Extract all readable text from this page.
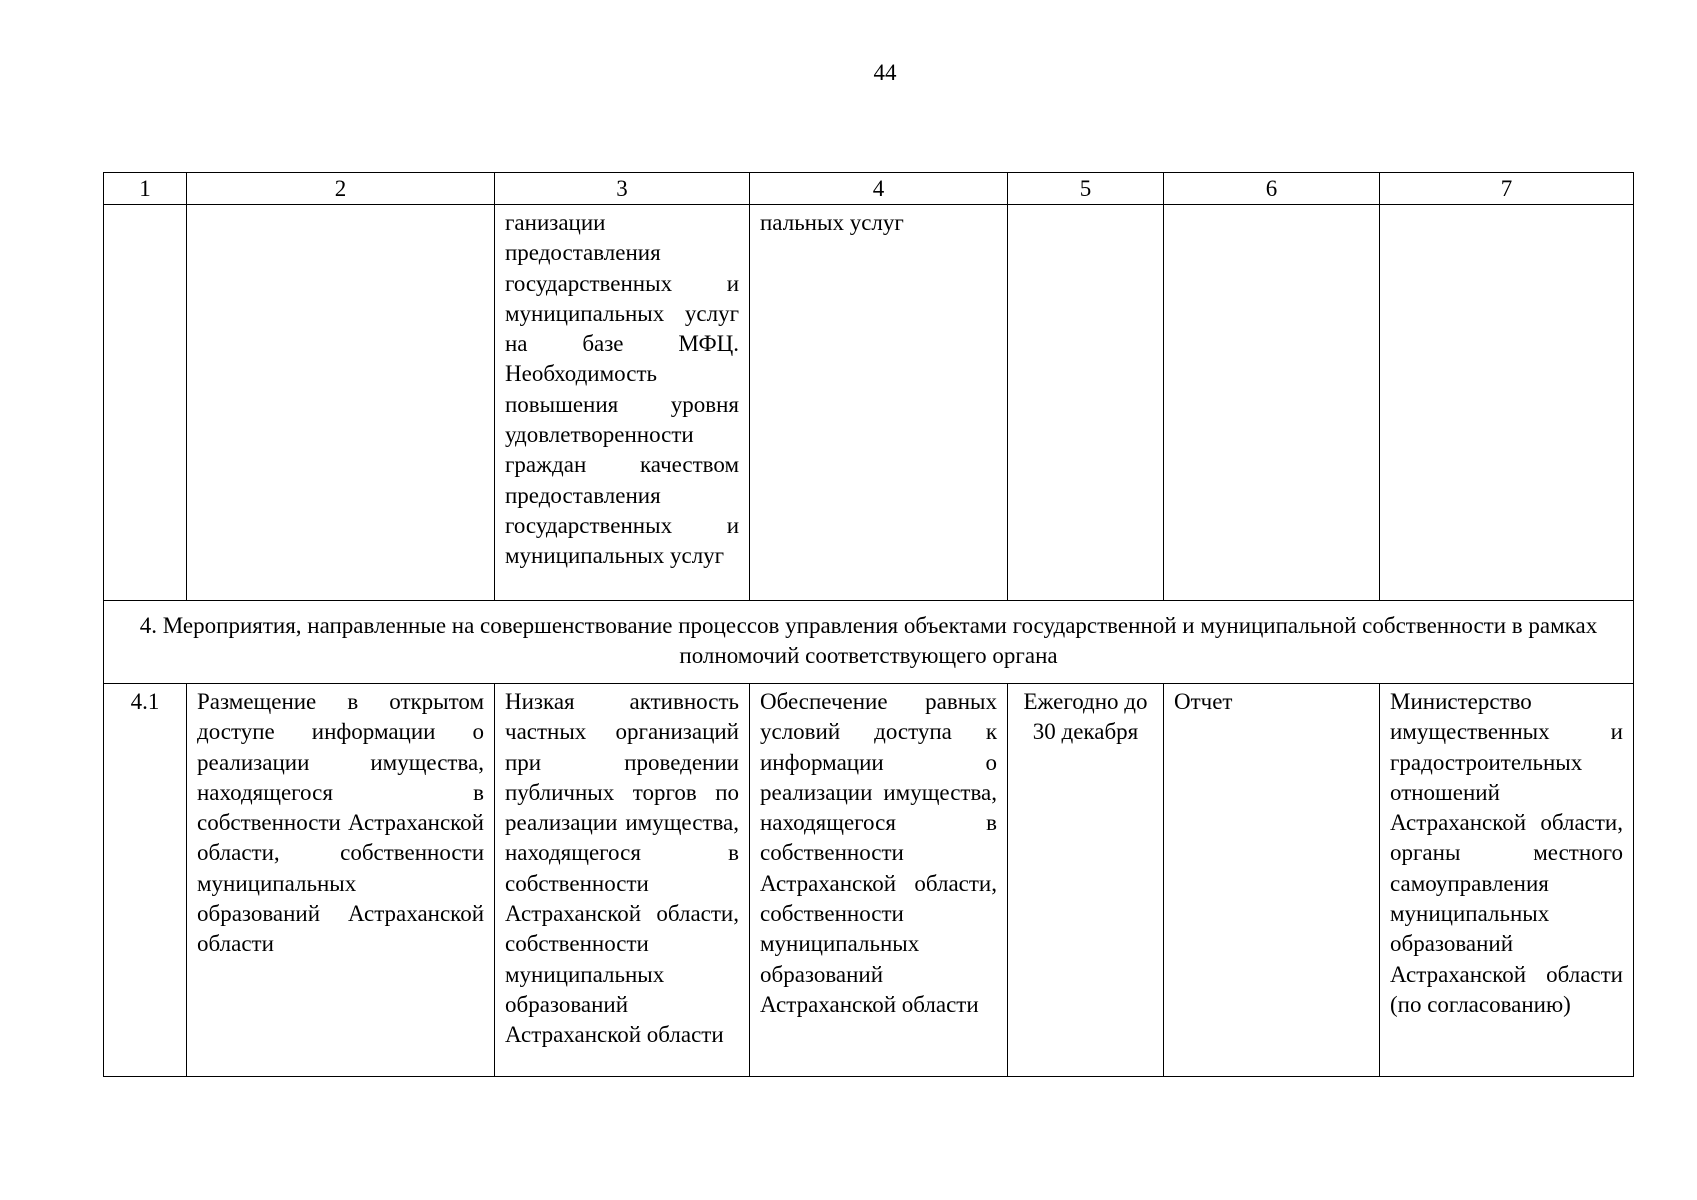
44
1	2	3	4	5	6	7
		ганизации предоставления государственных и муниципальных услуг на базе МФЦ. Необходимость повышения уровня удовлетворенности граждан качеством предоставления государственных и муниципальных услуг	пальных услуг			
4. Мероприятия, направленные на совершенствование процессов управления объектами государственной и муниципальной собственности в рамках полномочий соответствующего органа						
4.1	Размещение в открытом доступе информации о реализации имущества, находящегося в собственности Астраханской области, собственности муниципальных образований Астраханской области	Низкая активность частных организаций при проведении публичных торгов по реализации имущества, находящегося в собственности Астраханской области, собственности муниципальных образований Астраханской области	Обеспечение равных условий доступа к информации о реализации имущества, находящегося в собственности Астраханской области, собственности муниципальных образований Астраханской области	Ежегодно до 30 декабря	Отчет	Министерство имущественных и градостроительных отношений Астраханской области, органы местного самоуправления муниципальных образований Астраханской области (по согласованию)
